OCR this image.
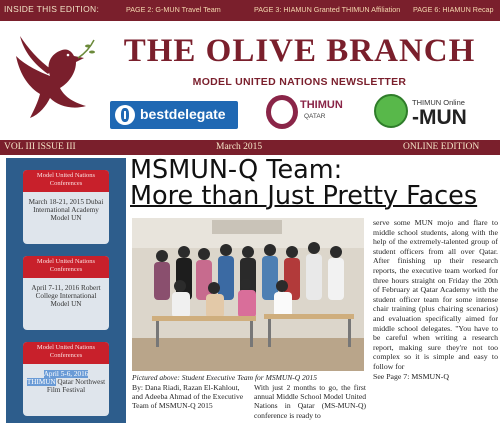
INSIDE THIS EDITION:	PAGE 2: G-MUN Travel Team	PAGE 3: HIAMUN Granted THIMUN Affiliation PAGE 6: HIAMUN Recap
THE OLIVE BRANCH
MODEL UNITED NATIONS NEWSLETTER
bestdelegate
THIMUN
QATAR
THIMUN Online
-MUN
VOL III ISSUE III	March 2015	ONLINE EDITION
Model United Nations Conferences
March 18-21, 2015 Dubai International Academy Model UN
Model United Nations Conferences
April 7-11, 2016 Robert College International Model UN
Model United Nations Conferences
April 5-6, 2016
THIMUN Qatar Northwest Film Festival
MSMUN-Q Team:
More than Just Pretty Faces
Pictured above: Student Executive Team for MSMUN-Q 2015
By: Dana Riadi, Razan El-Kahlout, and Adeeba Ahmad of the Executive Team of MSMUN-Q 2015
With just 2 months to go, the first annual Middle School Model United Nations in Qatar (MS-MUN-Q) conference is ready to
serve some MUN mojo and flare to middle school students, along with the help of the extremely-talented group of student officers from all over Qatar. After finishing up their research reports, the executive team worked for three hours straight on Friday the 20th of February at Qatar Academy with the student officer team for some intense chair training (plus chairing scenarios) and evaluation specifically aimed for middle school delegates. "You have to be careful when writing a research report, making sure they're not too complex so it is simple and easy to follow for
See Page 7: MSMUN-Q
